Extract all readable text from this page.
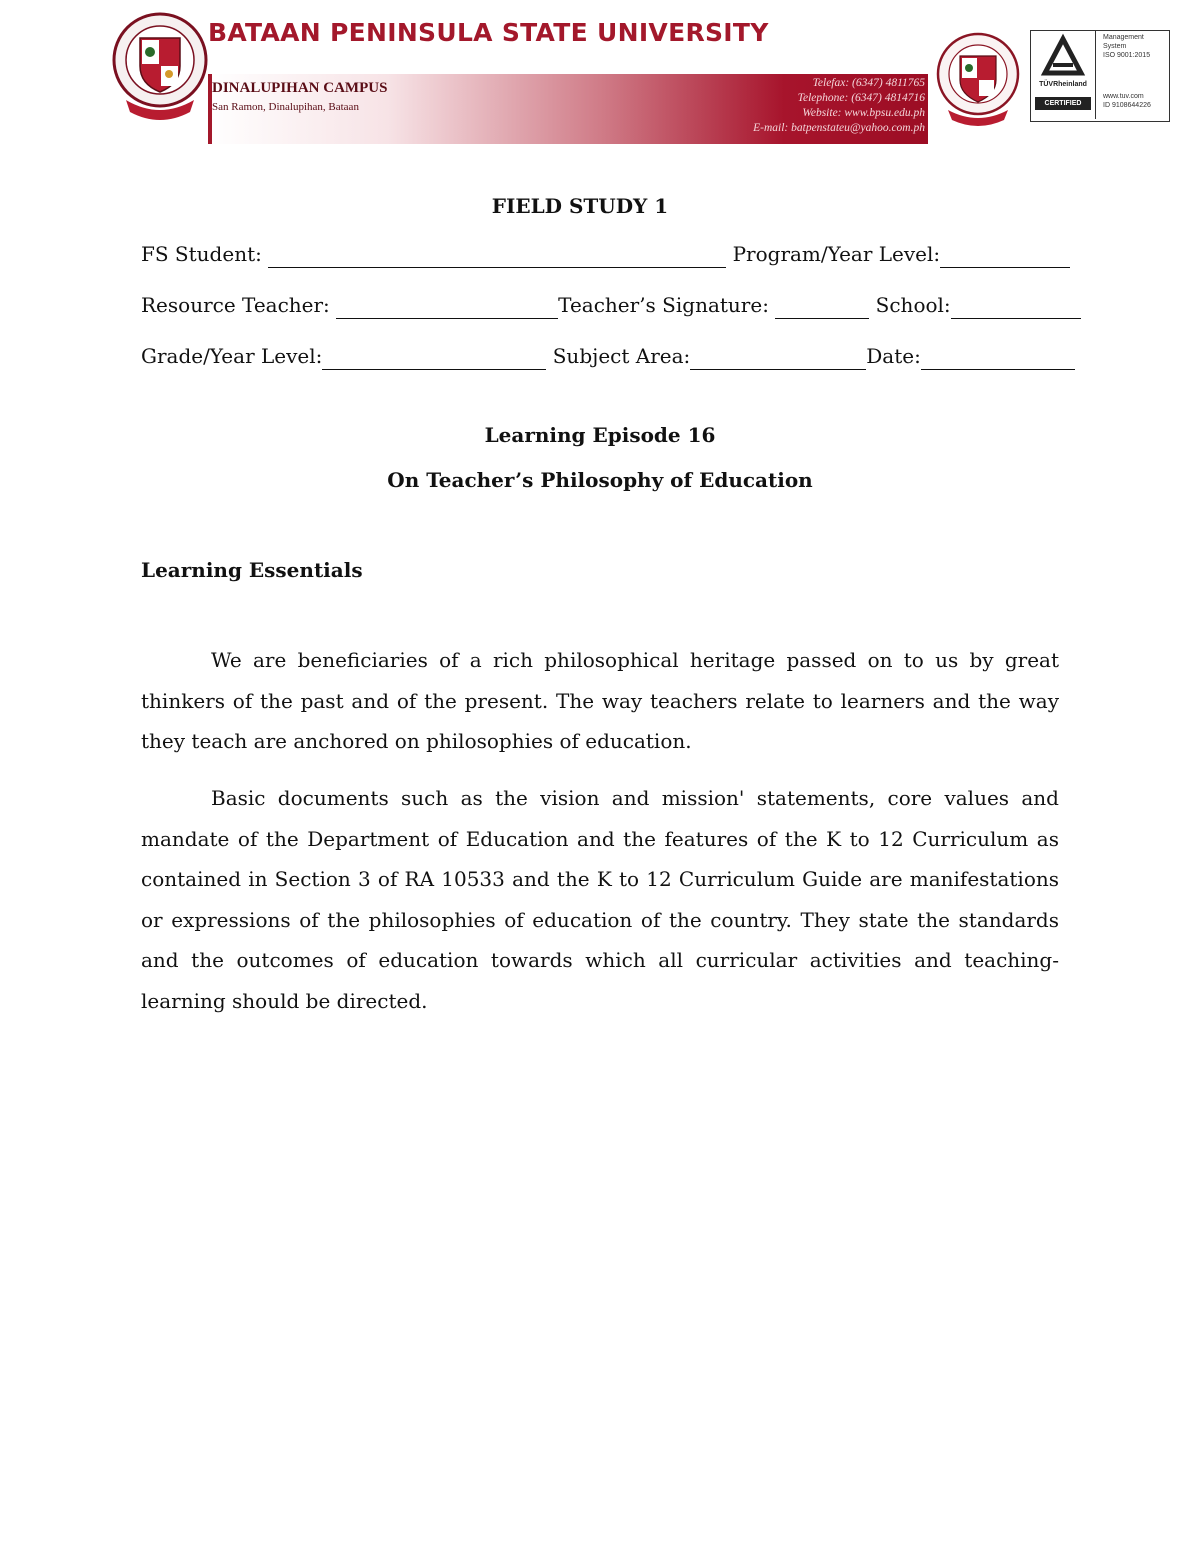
BATAAN PENINSULA STATE UNIVERSITY
DINALUPIHAN CAMPUS
San Ramon, Dinalupihan, Bataan
Telefax: (6347) 4811765
Telephone: (6347) 4814716
Website: www.bpsu.edu.ph
E-mail: batpenstateu@yahoo.com.ph
TÜVRheinland
CERTIFIED
Management
System
ISO 9001:2015
www.tuv.com
ID 9108644226
FIELD STUDY 1
FS Student:	Program/Year Level:
Resource Teacher:	Teacher’s Signature:	School:
Grade/Year Level:	Subject Area:	Date:
Learning Episode 16
On Teacher’s Philosophy of Education
Learning Essentials

We are beneficiaries of a rich philosophical heritage passed on to us by great thinkers of the past and of the present. The way teachers relate to learners and the way they teach are anchored on philosophies of education.

Basic documents such as the vision and mission' statements, core values and mandate of the Department of Education and the features of the K to 12 Curriculum as contained in Section 3 of RA 10533 and the K to 12 Curriculum Guide are manifestations or expressions of the philosophies of education of the country. They state the standards and the outcomes of education towards which all curricular activities and teaching-learning should be directed.
